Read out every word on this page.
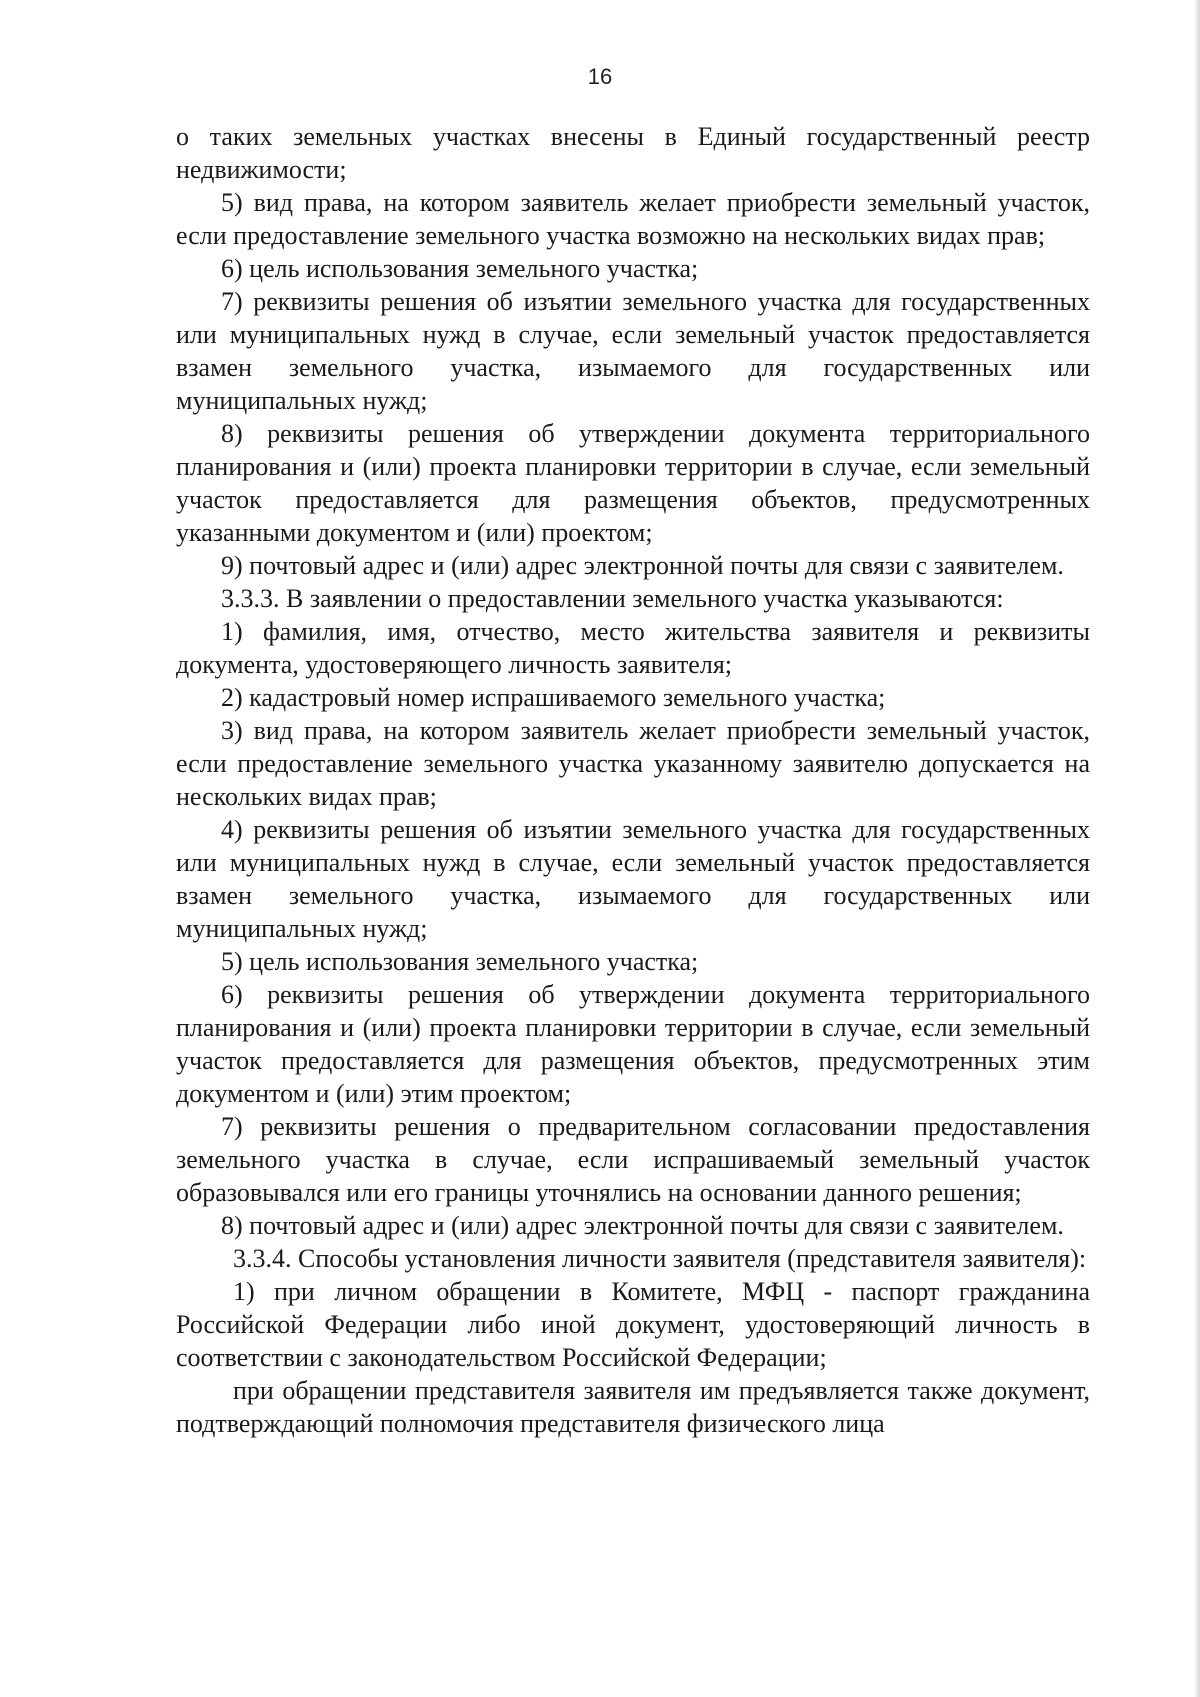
16

о таких земельных участках внесены в Единый государственный реестр недвижимости;

5) вид права, на котором заявитель желает приобрести земельный участок, если предоставление земельного участка возможно на нескольких видах прав;

6) цель использования земельного участка;

7) реквизиты решения об изъятии земельного участка для государственных или муниципальных нужд в случае, если земельный участок предоставляется взамен земельного участка, изымаемого для государственных или муниципальных нужд;

8) реквизиты решения об утверждении документа территориального планирования и (или) проекта планировки территории в случае, если земельный участок предоставляется для размещения объектов, предусмотренных указанными документом и (или) проектом;

9) почтовый адрес и (или) адрес электронной почты для связи с заявителем.

3.3.3. В заявлении о предоставлении земельного участка указываются:

1) фамилия, имя, отчество, место жительства заявителя и реквизиты документа, удостоверяющего личность заявителя;

2) кадастровый номер испрашиваемого земельного участка;

3) вид права, на котором заявитель желает приобрести земельный участок, если предоставление земельного участка указанному заявителю допускается на нескольких видах прав;

4) реквизиты решения об изъятии земельного участка для государственных или муниципальных нужд в случае, если земельный участок предоставляется взамен земельного участка, изымаемого для государственных или муниципальных нужд;

5) цель использования земельного участка;

6) реквизиты решения об утверждении документа территориального планирования и (или) проекта планировки территории в случае, если земельный участок предоставляется для размещения объектов, предусмотренных этим документом и (или) этим проектом;

7) реквизиты решения о предварительном согласовании предоставления земельного участка в случае, если испрашиваемый земельный участок образовывался или его границы уточнялись на основании данного решения;

8) почтовый адрес и (или) адрес электронной почты для связи с заявителем.

3.3.4. Способы установления личности заявителя (представителя заявителя):

1) при личном обращении в Комитете, МФЦ - паспорт гражданина Российской Федерации либо иной документ, удостоверяющий личность в соответствии с законодательством Российской Федерации;

при обращении представителя заявителя им предъявляется также документ, подтверждающий полномочия представителя физического лица
